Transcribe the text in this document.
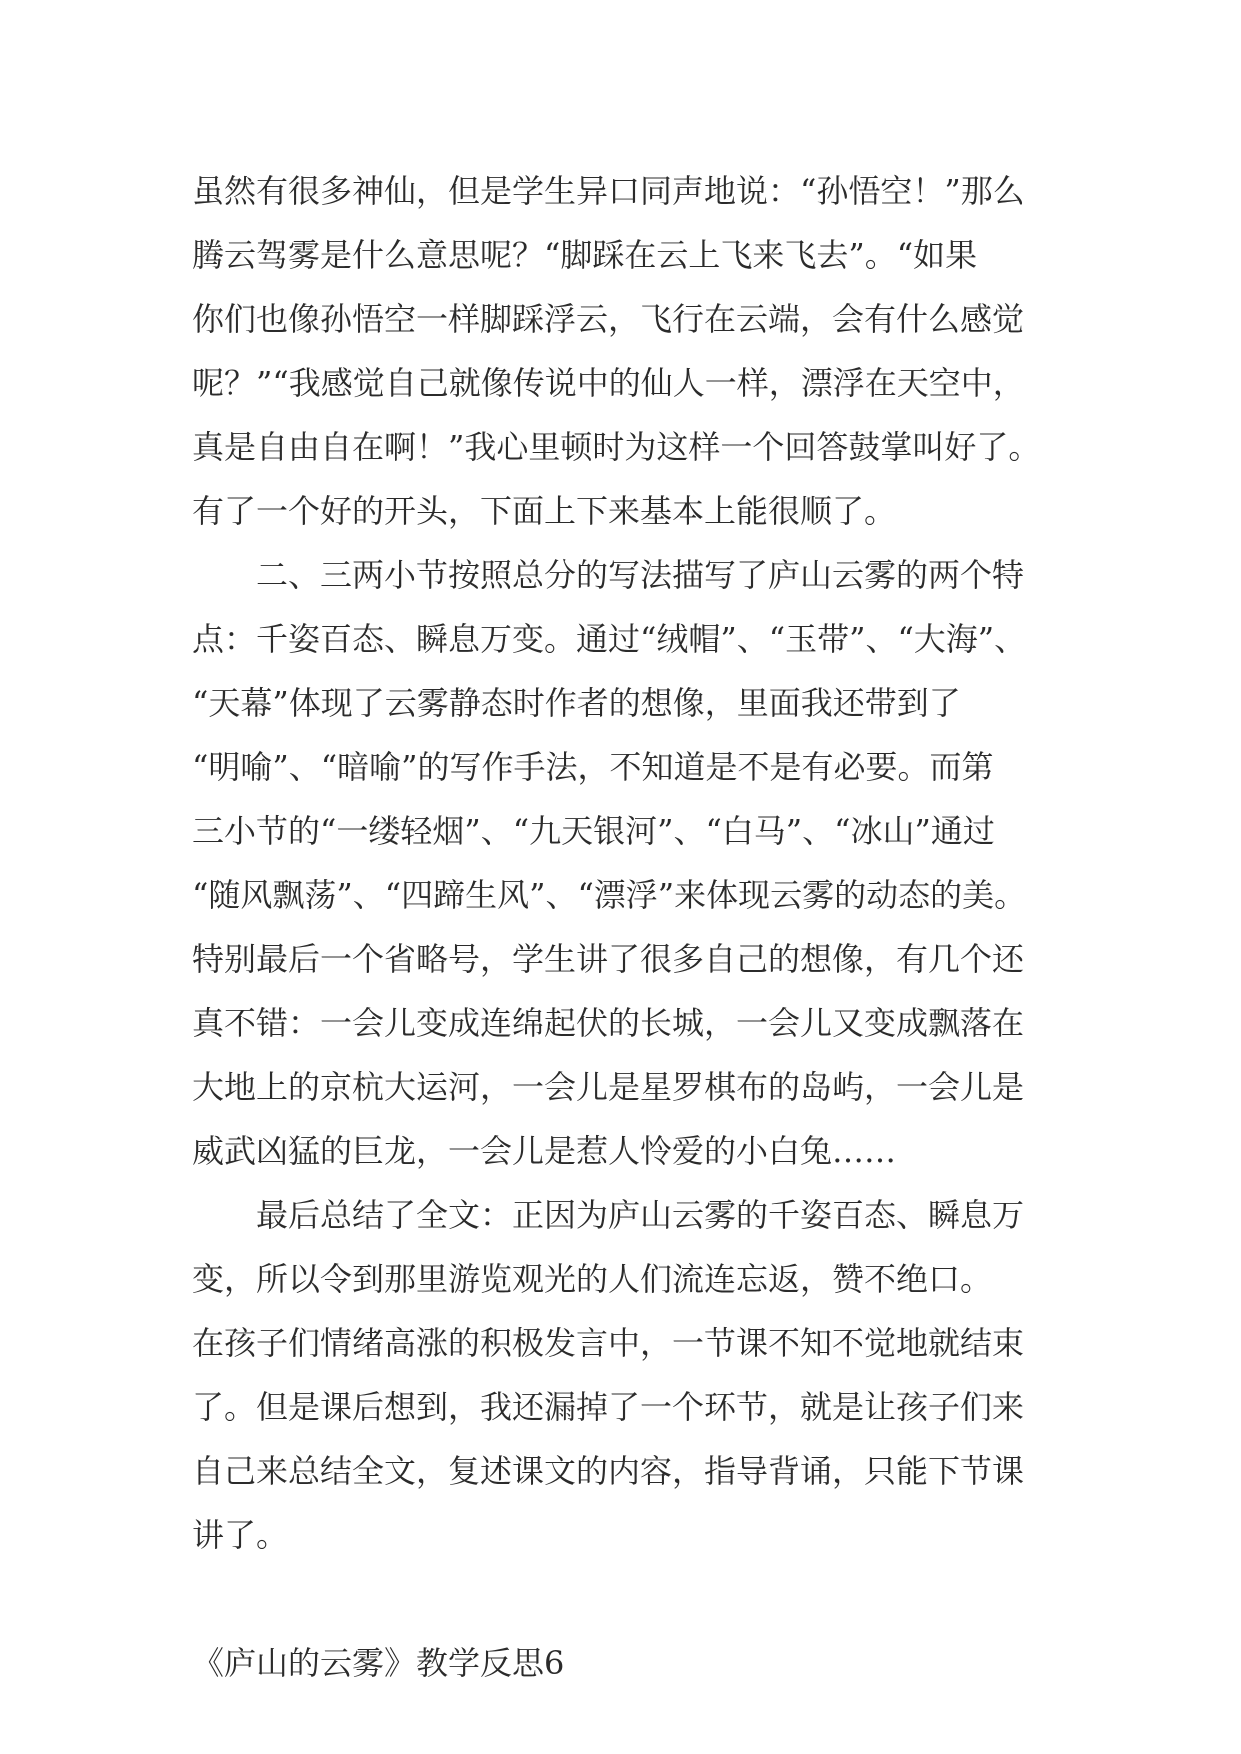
虽然有很多神仙，但是学生异口同声地说：“孙悟空！”那么
腾云驾雾是什么意思呢？“脚踩在云上飞来飞去”。“如果
你们也像孙悟空一样脚踩浮云，飞行在云端，会有什么感觉
呢？”“我感觉自己就像传说中的仙人一样，漂浮在天空中，
真是自由自在啊！”我心里顿时为这样一个回答鼓掌叫好了。
有了一个好的开头，下面上下来基本上能很顺了。
二、三两小节按照总分的写法描写了庐山云雾的两个特
点：千姿百态、瞬息万变。通过“绒帽”、“玉带”、“大海”、
“天幕”体现了云雾静态时作者的想像，里面我还带到了
“明喻”、“暗喻”的写作手法，不知道是不是有必要。而第
三小节的“一缕轻烟”、“九天银河”、“白马”、“冰山”通过
“随风飘荡”、“四蹄生风”、“漂浮”来体现云雾的动态的美。
特别最后一个省略号，学生讲了很多自己的想像，有几个还
真不错：一会儿变成连绵起伏的长城，一会儿又变成飘落在
大地上的京杭大运河，一会儿是星罗棋布的岛屿，一会儿是
威武凶猛的巨龙，一会儿是惹人怜爱的小白兔……
最后总结了全文：正因为庐山云雾的千姿百态、瞬息万
变，所以令到那里游览观光的人们流连忘返，赞不绝口。
在孩子们情绪高涨的积极发言中，一节课不知不觉地就结束
了。但是课后想到，我还漏掉了一个环节，就是让孩子们来
自己来总结全文，复述课文的内容，指导背诵，只能下节课
讲了。
《庐山的云雾》教学反思6
